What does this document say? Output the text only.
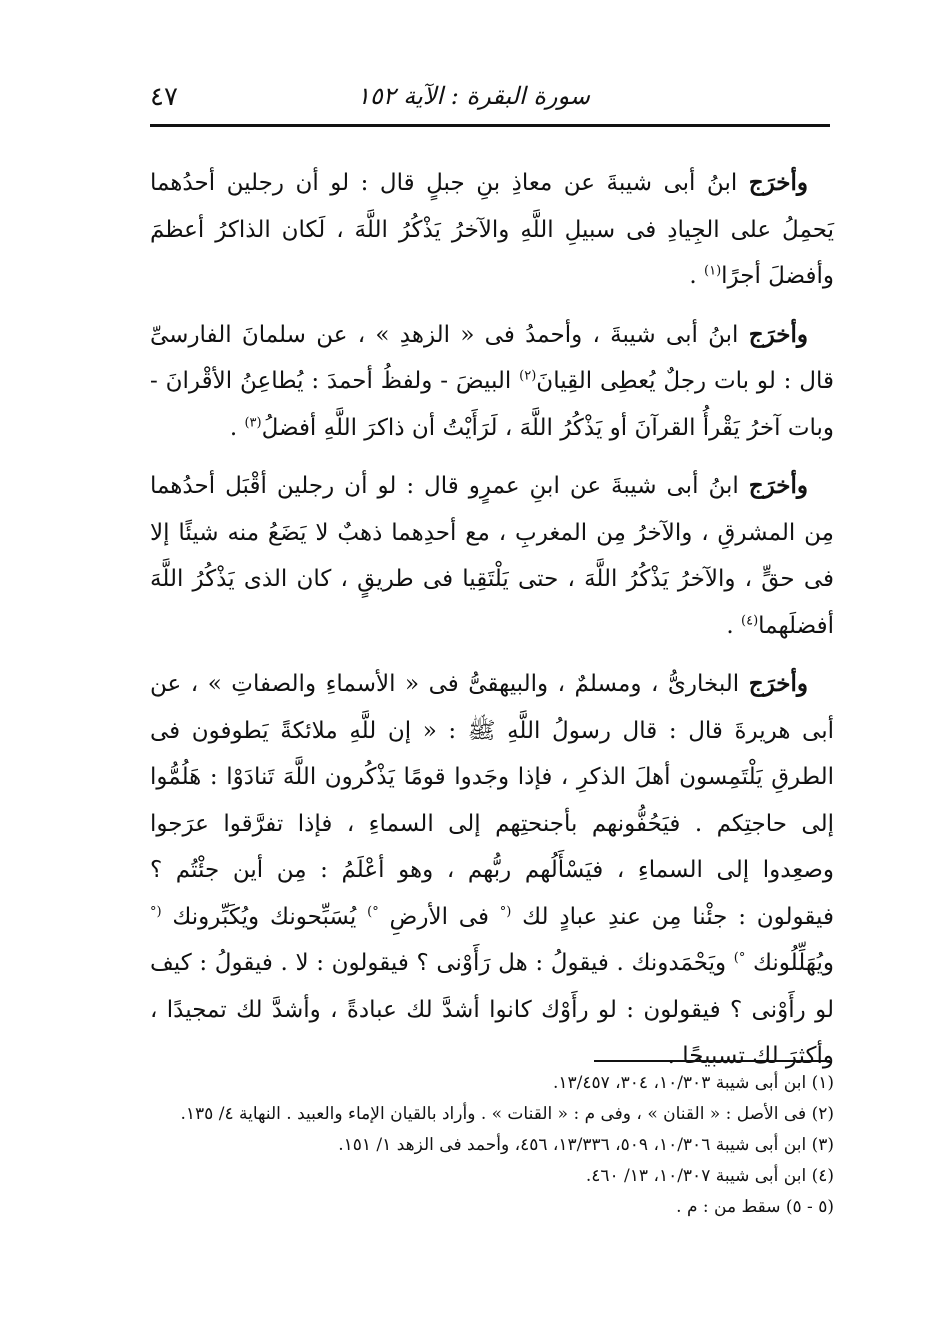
سورة البقرة : الآية ١٥٢
٤٧

وأخرَج ابنُ أبى شيبةَ عن معاذِ بنِ جبلٍ قال : لو أن رجلين أحدُهما يَحمِلُ على الجِيادِ فى سبيلِ اللَّهِ والآخرُ يَذْكُرُ اللَّهَ ، لَكان الذاكرُ أعظمَ وأفضلَ أجرًا$^{(١)}$ .

وأخرَج ابنُ أبى شيبةَ ، وأحمدُ فى « الزهدِ » ، عن سلمانَ الفارسىِّ قال : لو بات رجلٌ يُعطِى القِيانَ$^{(٢)}$ البيضَ - ولفظُ أحمدَ : يُطاعِنُ الأقْرانَ - وبات آخرُ يَقْرأُ القرآنَ أو يَذْكُرُ اللَّهَ ، لَرَأَيْتُ أن ذاكرَ اللَّهِ أفضلُ$^{(٣)}$ .

وأخرَج ابنُ أبى شيبةَ عن ابنِ عمرٍو قال : لو أن رجلين أقْبَل أحدُهما مِن المشرقِ ، والآخرُ مِن المغربِ ، مع أحدِهما ذهبٌ لا يَضَعُ منه شيئًا إلا فى حقٍّ ، والآخرُ يَذْكُرُ اللَّهَ ، حتى يَلْتَقِيا فى طريقٍ ، كان الذى يَذْكُرُ اللَّهَ أفضلَهما$^{(٤)}$ .

وأخرَج البخارىُّ ، ومسلمٌ ، والبيهقىُّ فى « الأسماءِ والصفاتِ » ، عن أبى هريرةَ قال : قال رسولُ اللَّهِ ﷺ : « إن للَّهِ ملائكةً يَطوفون فى الطرقِ يَلْتَمِسون أهلَ الذكرِ ، فإذا وجَدوا قومًا يَذْكُرون اللَّهَ تَنادَوْا : هَلُمُّوا إلى حاجتِكم . فيَحُفُّونهم بأجنحتِهم إلى السماءِ ، فإذا تفرَّقوا عرَجوا وصعِدوا إلى السماءِ ، فيَسْأَلُهم ربُّهم ، وهو أعْلَمُ : مِن أين جئْتُم ؟ فيقولون : جئْنا مِن عندِ عبادٍ لك (° فى الأرضِ °) يُسَبِّحونك ويُكَبِّرونك (° ويُهَلِّلُونك °) ويَحْمَدونك . فيقولُ : هل رَأَوْنى ؟ فيقولون : لا . فيقولُ : كيف لو رأَوْنى ؟ فيقولون : لو رأَوْك كانوا أشدَّ لك عبادةً ، وأشدَّ لك تمجيدًا ، وأكثرَ لك تسبيحًا .

(١) ابن أبى شيبة ١٠/٣٠٣، ٣٠٤، ١٣/٤٥٧.
(٢) فى الأصل : « القنان » ، وفى م : « القنات » . وأراد بالقيان الإماء والعبيد . النهاية ٤/ ١٣٥.
(٣) ابن أبى شيبة ١٠/٣٠٦، ٥٠٩، ١٣/٣٣٦، ٤٥٦، وأحمد فى الزهد ١/ ١٥١.
(٤) ابن أبى شيبة ١٠/٣٠٧، ١٣/ ٤٦٠.
(٥ - ٥) سقط من : م .
